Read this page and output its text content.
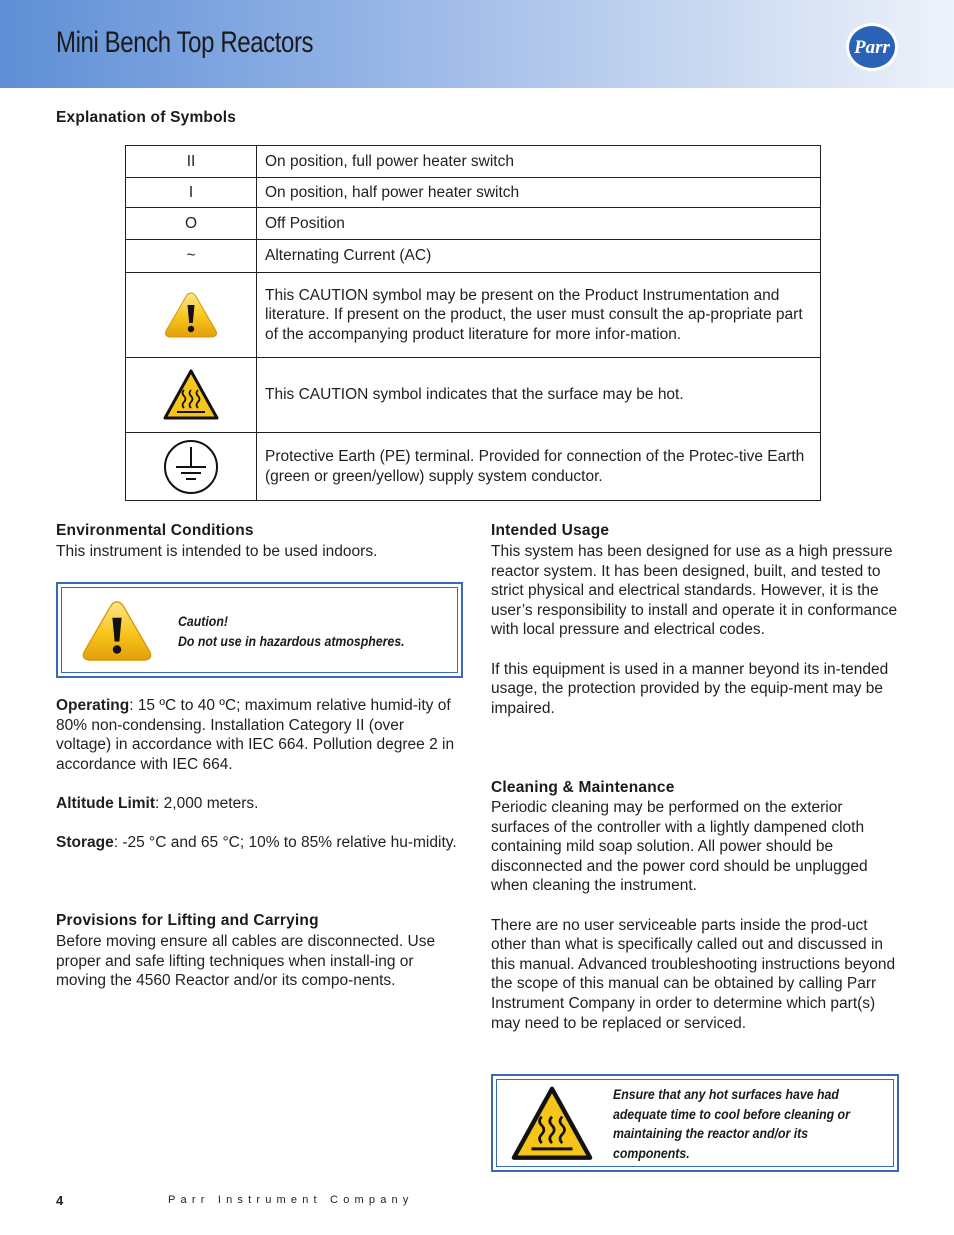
Mini Bench Top Reactors	Parr
Explanation of Symbols
II	On position, full power heater switch
I	On position, half power heater switch
O	Off Position
~	Alternating Current (AC)

	This CAUTION symbol may be present on the Product Instrumentation and literature. If present on the product, the user must consult the ap-propriate part of the accompanying product literature for more infor-mation.

	This CAUTION symbol indicates that the surface may be hot.

	Protective Earth (PE) terminal. Provided for connection of the Protec-tive Earth (green or green/yellow) supply system conductor.
Environmental Conditions
This instrument is intended to be used indoors.
Caution!
Do not use in hazardous atmospheres.

Operating: 15 ºC to 40 ºC; maximum relative humid-ity of 80% non-condensing. Installation Category II (over voltage) in accordance with IEC 664. Pollution degree 2 in accordance with IEC 664.

Altitude Limit: 2,000 meters.

Storage: -25 °C and 65 °C; 10% to 85% relative hu-midity.

Provisions for Lifting and Carrying
Before moving ensure all cables are disconnected. Use proper and safe lifting techniques when install-ing or moving the 4560 Reactor and/or its compo-nents.
Intended Usage

This system has been designed for use as a high pressure reactor system. It has been designed, built, and tested to strict physical and electrical standards. However, it is the user’s responsibility to install and operate it in conformance with local pressure and electrical codes.

If this equipment is used in a manner beyond its in-tended usage, the protection provided by the equip-ment may be impaired.

Cleaning & Maintenance

Periodic cleaning may be performed on the exterior surfaces of the controller with a lightly dampened cloth containing mild soap solution. All power should be disconnected and the power cord should be unplugged when cleaning the instrument.

There are no user serviceable parts inside the prod-uct other than what is specifically called out and discussed in this manual. Advanced troubleshooting instructions beyond the scope of this manual can be obtained by calling Parr Instrument Company in order to determine which part(s) may need to be replaced or serviced.

Ensure that any hot surfaces have had adequate time to cool before cleaning or maintaining the reactor and/or its components.
4	Parr Instrument Company
